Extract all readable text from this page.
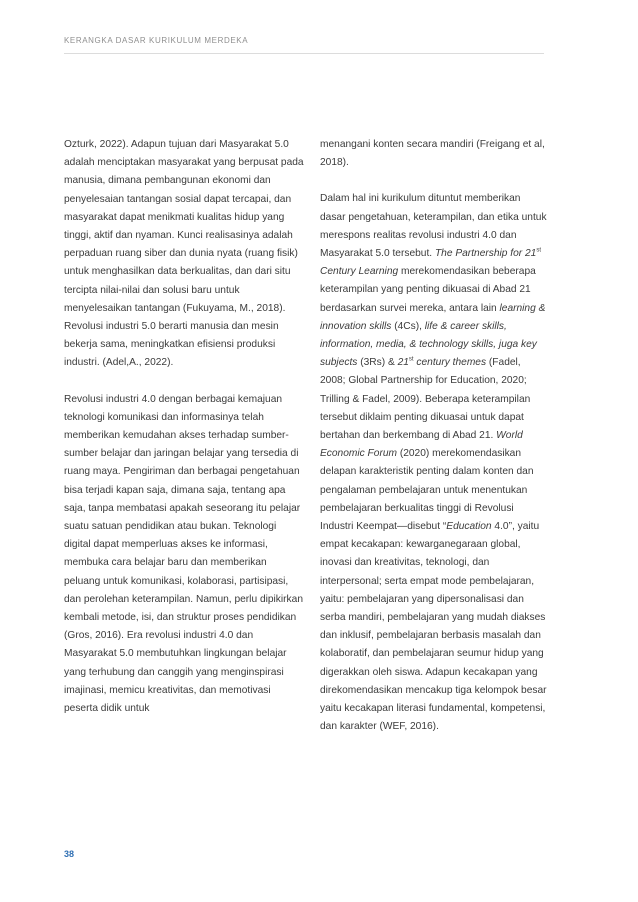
KERANGKA DASAR KURIKULUM MERDEKA

Ozturk, 2022). Adapun tujuan dari Masyarakat 5.0 adalah menciptakan masyarakat yang berpusat pada manusia, dimana pembangunan ekonomi dan penyelesaian tantangan sosial dapat tercapai, dan masyarakat dapat menikmati kualitas hidup yang tinggi, aktif dan nyaman. Kunci realisasinya adalah perpaduan ruang siber dan dunia nyata (ruang fisik) untuk menghasilkan data berkualitas, dan dari situ tercipta nilai-nilai dan solusi baru untuk menyelesaikan tantangan (Fukuyama, M., 2018). Revolusi industri 5.0 berarti manusia dan mesin bekerja sama, meningkatkan efisiensi produksi industri. (Adel,A., 2022).

Revolusi industri 4.0 dengan berbagai kemajuan teknologi komunikasi dan informasinya telah memberikan kemudahan akses terhadap sumber-sumber belajar dan jaringan belajar yang tersedia di ruang maya. Pengiriman dan berbagai pengetahuan bisa terjadi kapan saja, dimana saja, tentang apa saja, tanpa membatasi apakah seseorang itu pelajar suatu satuan pendidikan atau bukan. Teknologi digital dapat memperluas akses ke informasi, membuka cara belajar baru dan memberikan peluang untuk komunikasi, kolaborasi, partisipasi, dan perolehan keterampilan. Namun, perlu dipikirkan kembali metode, isi, dan struktur proses pendidikan (Gros, 2016). Era revolusi industri 4.0 dan Masyarakat 5.0 membutuhkan lingkungan belajar yang terhubung dan canggih yang menginspirasi imajinasi, memicu kreativitas, dan memotivasi peserta didik untuk

menangani konten secara mandiri (Freigang et al, 2018).

Dalam hal ini kurikulum dituntut memberikan dasar pengetahuan, keterampilan, dan etika untuk merespons realitas revolusi industri 4.0 dan Masyarakat 5.0 tersebut. The Partnership for 21st Century Learning merekomendasikan beberapa keterampilan yang penting dikuasai di Abad 21 berdasarkan survei mereka, antara lain learning & innovation skills (4Cs), life & career skills, information, media, & technology skills, juga key subjects (3Rs) & 21st century themes (Fadel, 2008; Global Partnership for Education, 2020; Trilling & Fadel, 2009). Beberapa keterampilan tersebut diklaim penting dikuasai untuk dapat bertahan dan berkembang di Abad 21. World Economic Forum (2020) merekomendasikan delapan karakteristik penting dalam konten dan pengalaman pembelajaran untuk menentukan pembelajaran berkualitas tinggi di Revolusi Industri Keempat—disebut “Education 4.0”, yaitu empat kecakapan: kewarganegaraan global, inovasi dan kreativitas, teknologi, dan interpersonal; serta empat mode pembelajaran, yaitu: pembelajaran yang dipersonalisasi dan serba mandiri, pembelajaran yang mudah diakses dan inklusif, pembelajaran berbasis masalah dan kolaboratif, dan pembelajaran seumur hidup yang digerakkan oleh siswa. Adapun kecakapan yang direkomendasikan mencakup tiga kelompok besar yaitu kecakapan literasi fundamental, kompetensi, dan karakter (WEF, 2016).

38
